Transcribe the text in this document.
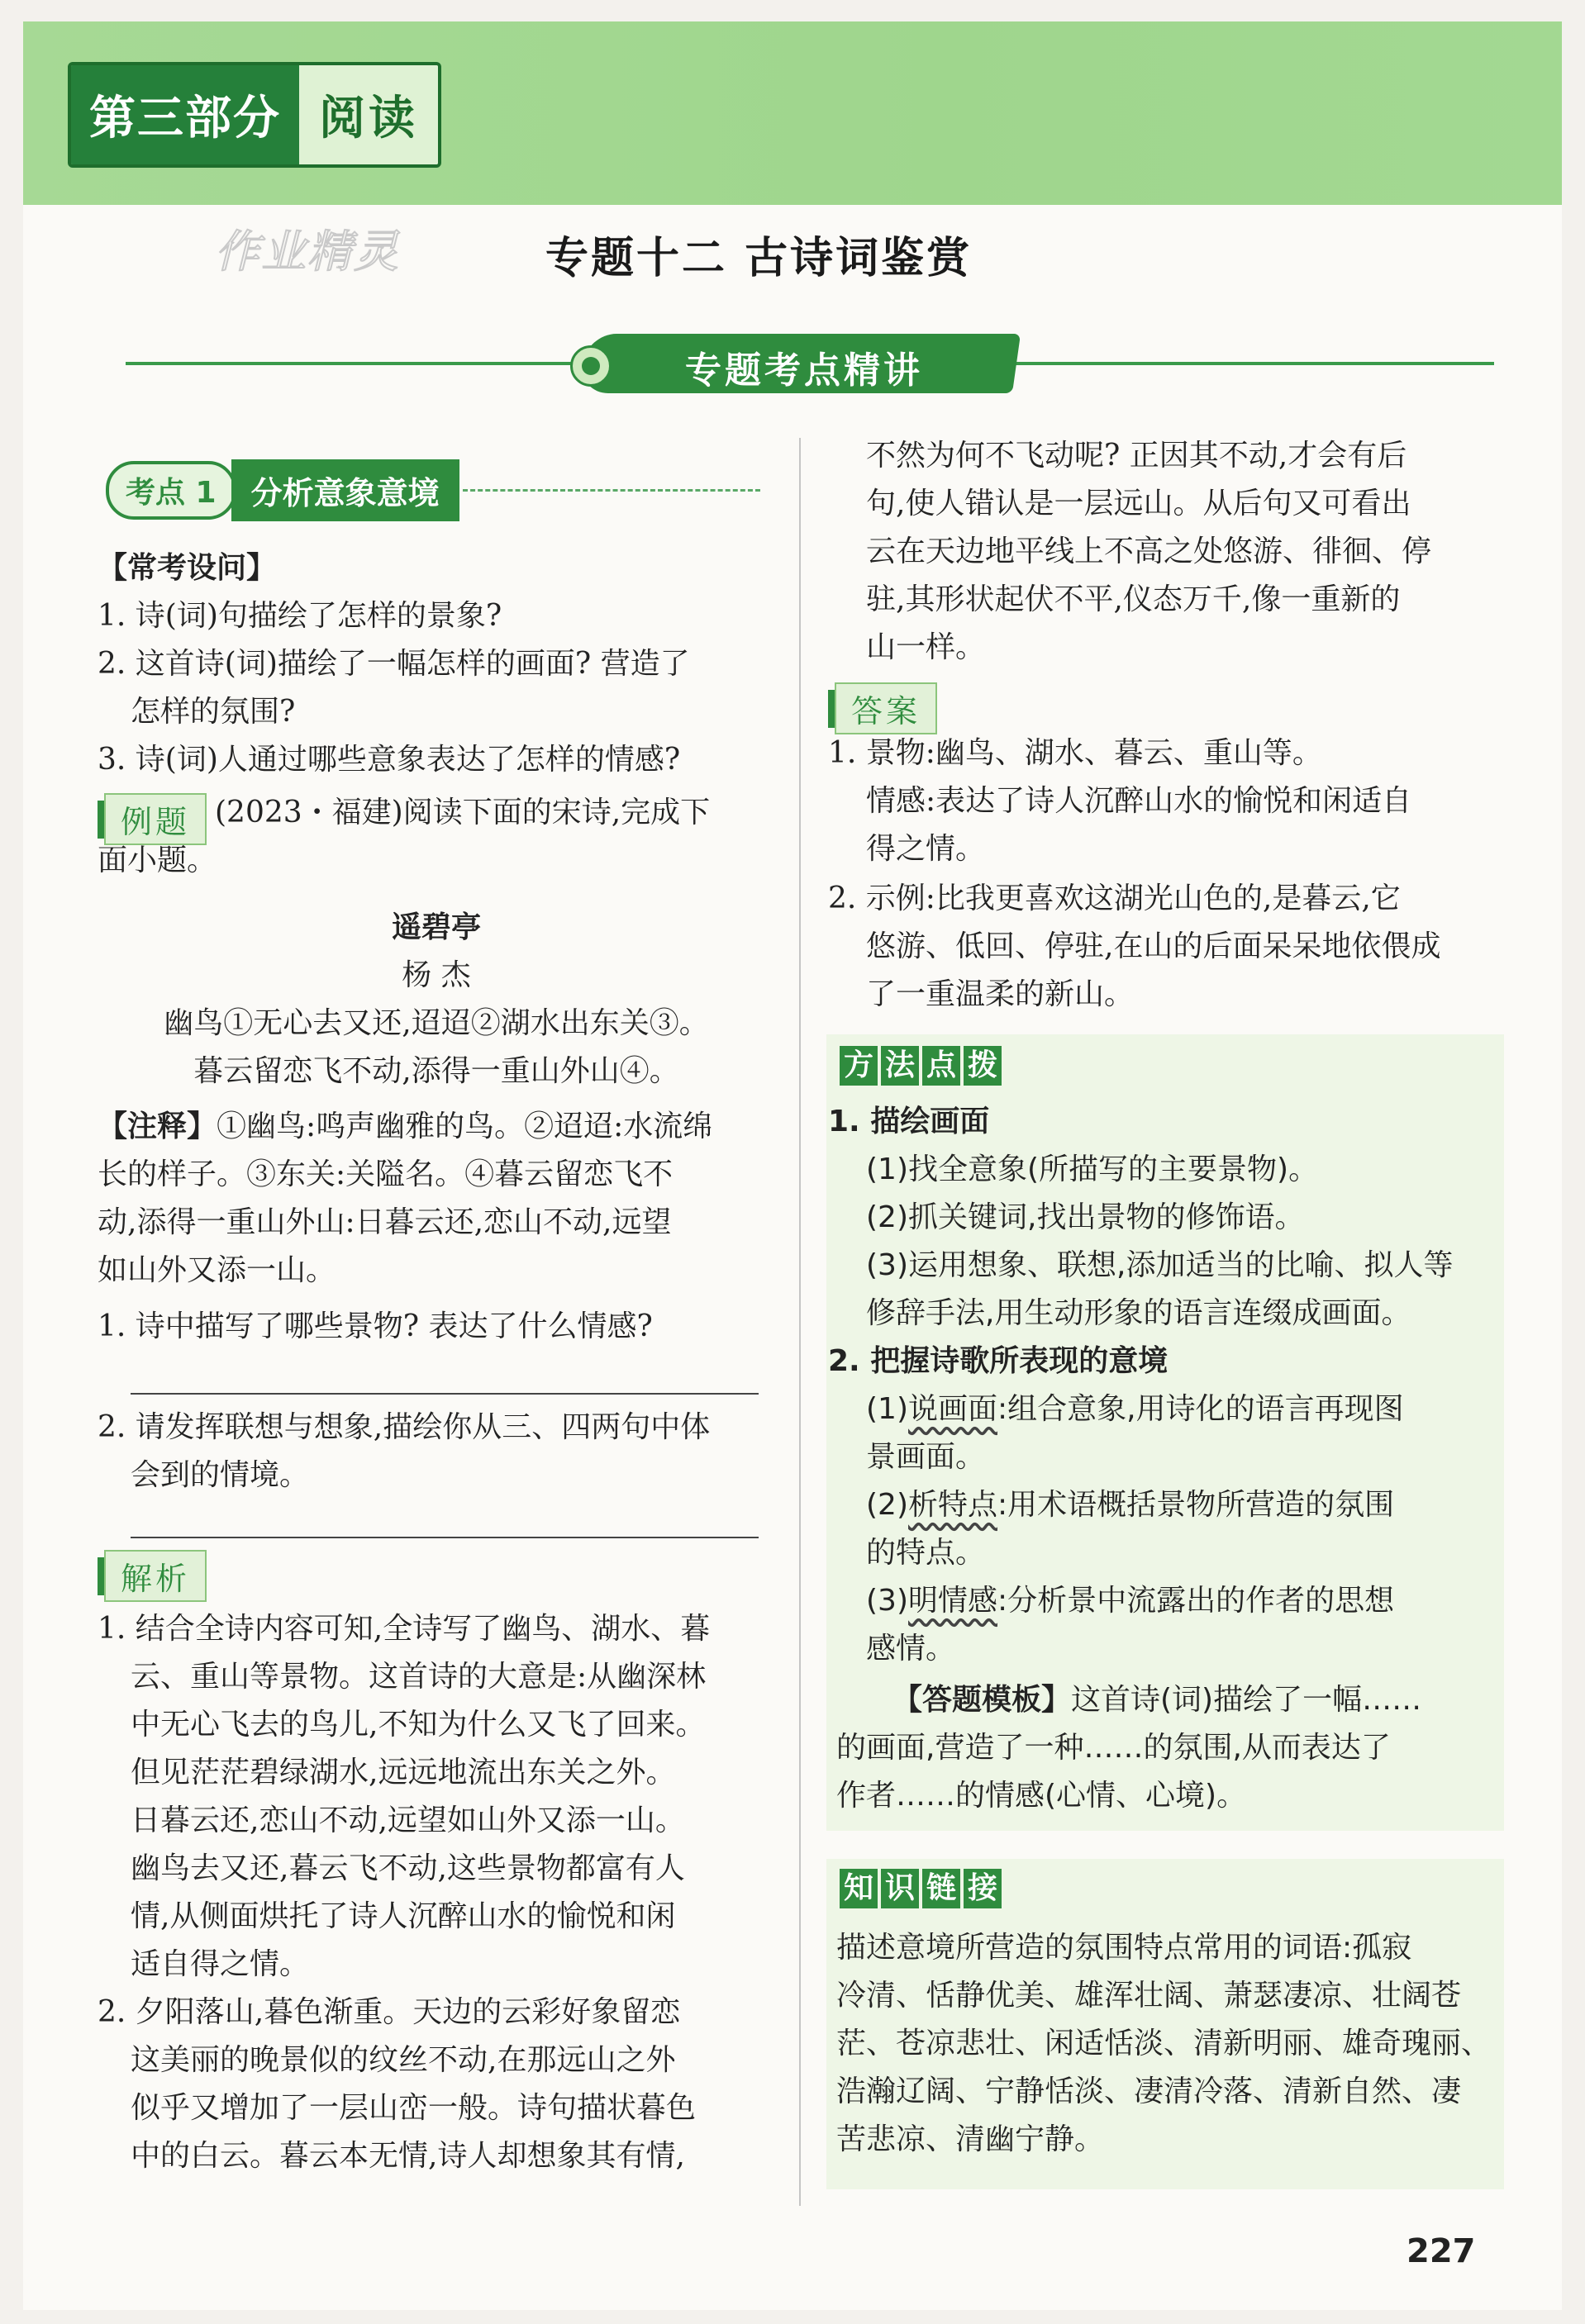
第三部分 阅读
作业精灵	专题十二 古诗词鉴赏
专题考点精讲
考点 1	分析意象意境
【常考设问】
1. 诗(词)句描绘了怎样的景象?
2. 这首诗(词)描绘了一幅怎样的画面? 营造了
怎样的氛围?
3. 诗(词)人通过哪些意象表达了怎样的情感?
例题 (2023・福建)阅读下面的宋诗,完成下
面小题。
遥碧亭
杨 杰
幽鸟①无心去又还,迢迢②湖水出东关③。
暮云留恋飞不动,添得一重山外山④。
【注释】①幽鸟:鸣声幽雅的鸟。②迢迢:水流绵
长的样子。③东关:关隘名。④暮云留恋飞不
动,添得一重山外山:日暮云还,恋山不动,远望
如山外又添一山。
1. 诗中描写了哪些景物? 表达了什么情感?
2. 请发挥联想与想象,描绘你从三、四两句中体
会到的情境。
解析
1. 结合全诗内容可知,全诗写了幽鸟、湖水、暮
云、重山等景物。这首诗的大意是:从幽深林
中无心飞去的鸟儿,不知为什么又飞了回来。
但见茫茫碧绿湖水,远远地流出东关之外。
日暮云还,恋山不动,远望如山外又添一山。
幽鸟去又还,暮云飞不动,这些景物都富有人
情,从侧面烘托了诗人沉醉山水的愉悦和闲
适自得之情。
2. 夕阳落山,暮色渐重。天边的云彩好象留恋
这美丽的晚景似的纹丝不动,在那远山之外
似乎又增加了一层山峦一般。诗句描状暮色
中的白云。暮云本无情,诗人却想象其有情,
不然为何不飞动呢? 正因其不动,才会有后
句,使人错认是一层远山。从后句又可看出
云在天边地平线上不高之处悠游、徘徊、停
驻,其形状起伏不平,仪态万千,像一重新的
山一样。
答案
1. 景物:幽鸟、湖水、暮云、重山等。
情感:表达了诗人沉醉山水的愉悦和闲适自
得之情。
2. 示例:比我更喜欢这湖光山色的,是暮云,它
悠游、低回、停驻,在山的后面呆呆地依偎成
了一重温柔的新山。
方 法 点 拨
1. 描绘画面
(1)找全意象(所描写的主要景物)。
(2)抓关键词,找出景物的修饰语。
(3)运用想象、联想,添加适当的比喻、拟人等
修辞手法,用生动形象的语言连缀成画面。
2. 把握诗歌所表现的意境
(1)说画面:组合意象,用诗化的语言再现图
景画面。
(2)析特点:用术语概括景物所营造的氛围
的特点。
(3)明情感:分析景中流露出的作者的思想
感情。
【答题模板】这首诗(词)描绘了一幅……
的画面,营造了一种……的氛围,从而表达了
作者……的情感(心情、心境)。
知 识 链 接
描述意境所营造的氛围特点常用的词语:孤寂
冷清、恬静优美、雄浑壮阔、萧瑟凄凉、壮阔苍
茫、苍凉悲壮、闲适恬淡、清新明丽、雄奇瑰丽、
浩瀚辽阔、宁静恬淡、凄清冷落、清新自然、凄
苦悲凉、清幽宁静。
227
